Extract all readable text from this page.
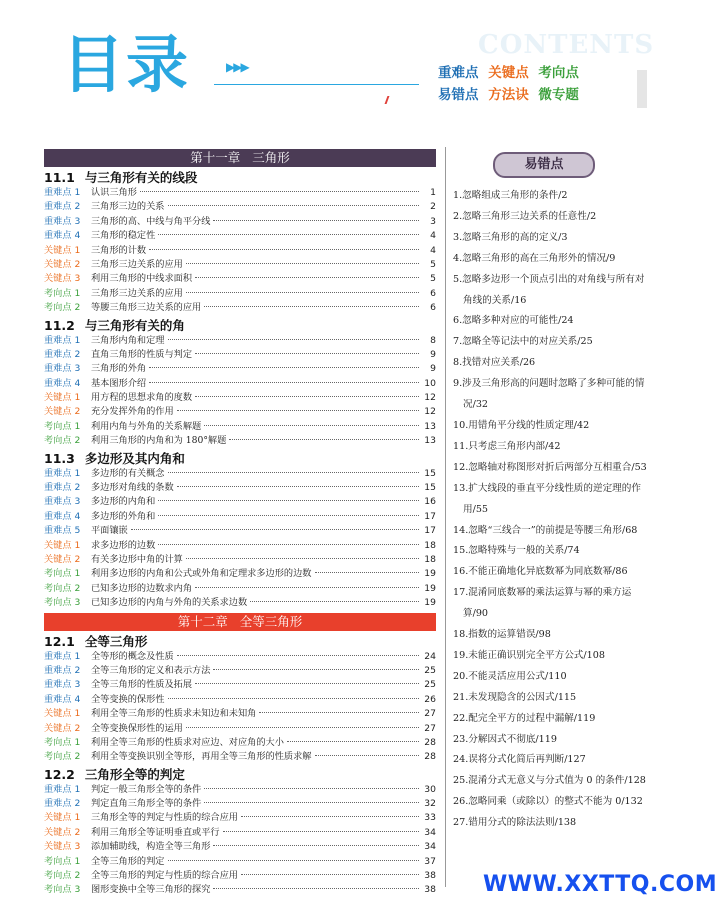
CONTENTS
目录	▶▶▶	重难点 关键点 考向点
易错点 方法诀 微专题
第十一章 三角形
11.1 与三角形有关的线段
重难点 1	认识三角形	1
重难点 2	三角形三边的关系	2
重难点 3	三角形的高、中线与角平分线	3
重难点 4	三角形的稳定性	4
关键点 1	三角形的计数	4
关键点 2	三角形三边关系的应用	5
关键点 3	利用三角形的中线求面积	5
考向点 1	三角形三边关系的应用	6
考向点 2	等腰三角形三边关系的应用	6
11.2 与三角形有关的角
重难点 1	三角形内角和定理	8
重难点 2	直角三角形的性质与判定	9
重难点 3	三角形的外角	9
重难点 4	基本图形介绍	10
关键点 1	用方程的思想求角的度数	12
关键点 2	充分发挥外角的作用	12
考向点 1	利用内角与外角的关系解题	13
考向点 2	利用三角形的内角和为 180°解题	13
11.3 多边形及其内角和
重难点 1	多边形的有关概念	15
重难点 2	多边形对角线的条数	15
重难点 3	多边形的内角和	16
重难点 4	多边形的外角和	17
重难点 5	平面镶嵌	17
关键点 1	求多边形的边数	18
关键点 2	有关多边形中角的计算	18
考向点 1	利用多边形的内角和公式或外角和定理求多边形的边数	19
考向点 2	已知多边形的边数求内角	19
考向点 3	已知多边形的内角与外角的关系求边数	19
第十二章 全等三角形
12.1 全等三角形
重难点 1	全等形的概念及性质	24
重难点 2	全等三角形的定义和表示方法	25
重难点 3	全等三角形的性质及拓展	25
重难点 4	全等变换的保形性	26
关键点 1	利用全等三角形的性质求未知边和未知角	27
关键点 2	全等变换保形性的运用	27
考向点 1	利用全等三角形的性质求对应边、对应角的大小	28
考向点 2	利用全等变换识别全等形，再用全等三角形的性质求解	28
12.2 三角形全等的判定
重难点 1	判定一般三角形全等的条件	30
重难点 2	判定直角三角形全等的条件	32
关键点 1	三角形全等的判定与性质的综合应用	33
关键点 2	利用三角形全等证明垂直或平行	34
关键点 3	添加辅助线，构造全等三角形	34
考向点 1	全等三角形的判定	37
考向点 2	全等三角形的判定与性质的综合应用	38
考向点 3	图形变换中全等三角形的探究	38
易错点
1.忽略组成三角形的条件/2
2.忽略三角形三边关系的任意性/2
3.忽略三角形的高的定义/3
4.忽略三角形的高在三角形外的情况/9
5.忽略多边形一个顶点引出的对角线与所有对角线的关系/16
6.忽略多种对应的可能性/24
7.忽略全等记法中的对应关系/25
8.找错对应关系/26
9.涉及三角形高的问题时忽略了多种可能的情况/32
10.用错角平分线的性质定理/42
11.只考虑三角形内部/42
12.忽略轴对称图形对折后两部分互相重合/53
13.扩大线段的垂直平分线性质的逆定理的作用/55
14.忽略“三线合一”的前提是等腰三角形/68
15.忽略特殊与一般的关系/74
16.不能正确地化异底数幂为同底数幂/86
17.混淆同底数幂的乘法运算与幂的乘方运算/90
18.指数的运算错误/98
19.未能正确识别完全平方公式/108
20.不能灵活应用公式/110
21.未发现隐含的公因式/115
22.配完全平方的过程中漏解/119
23.分解因式不彻底/119
24.误将分式化简后再判断/127
25.混淆分式无意义与分式值为 0 的条件/128
26.忽略同乘（或除以）的整式不能为 0/132
27.错用分式的除法法则/138
WWW.XXTTQ.COM
